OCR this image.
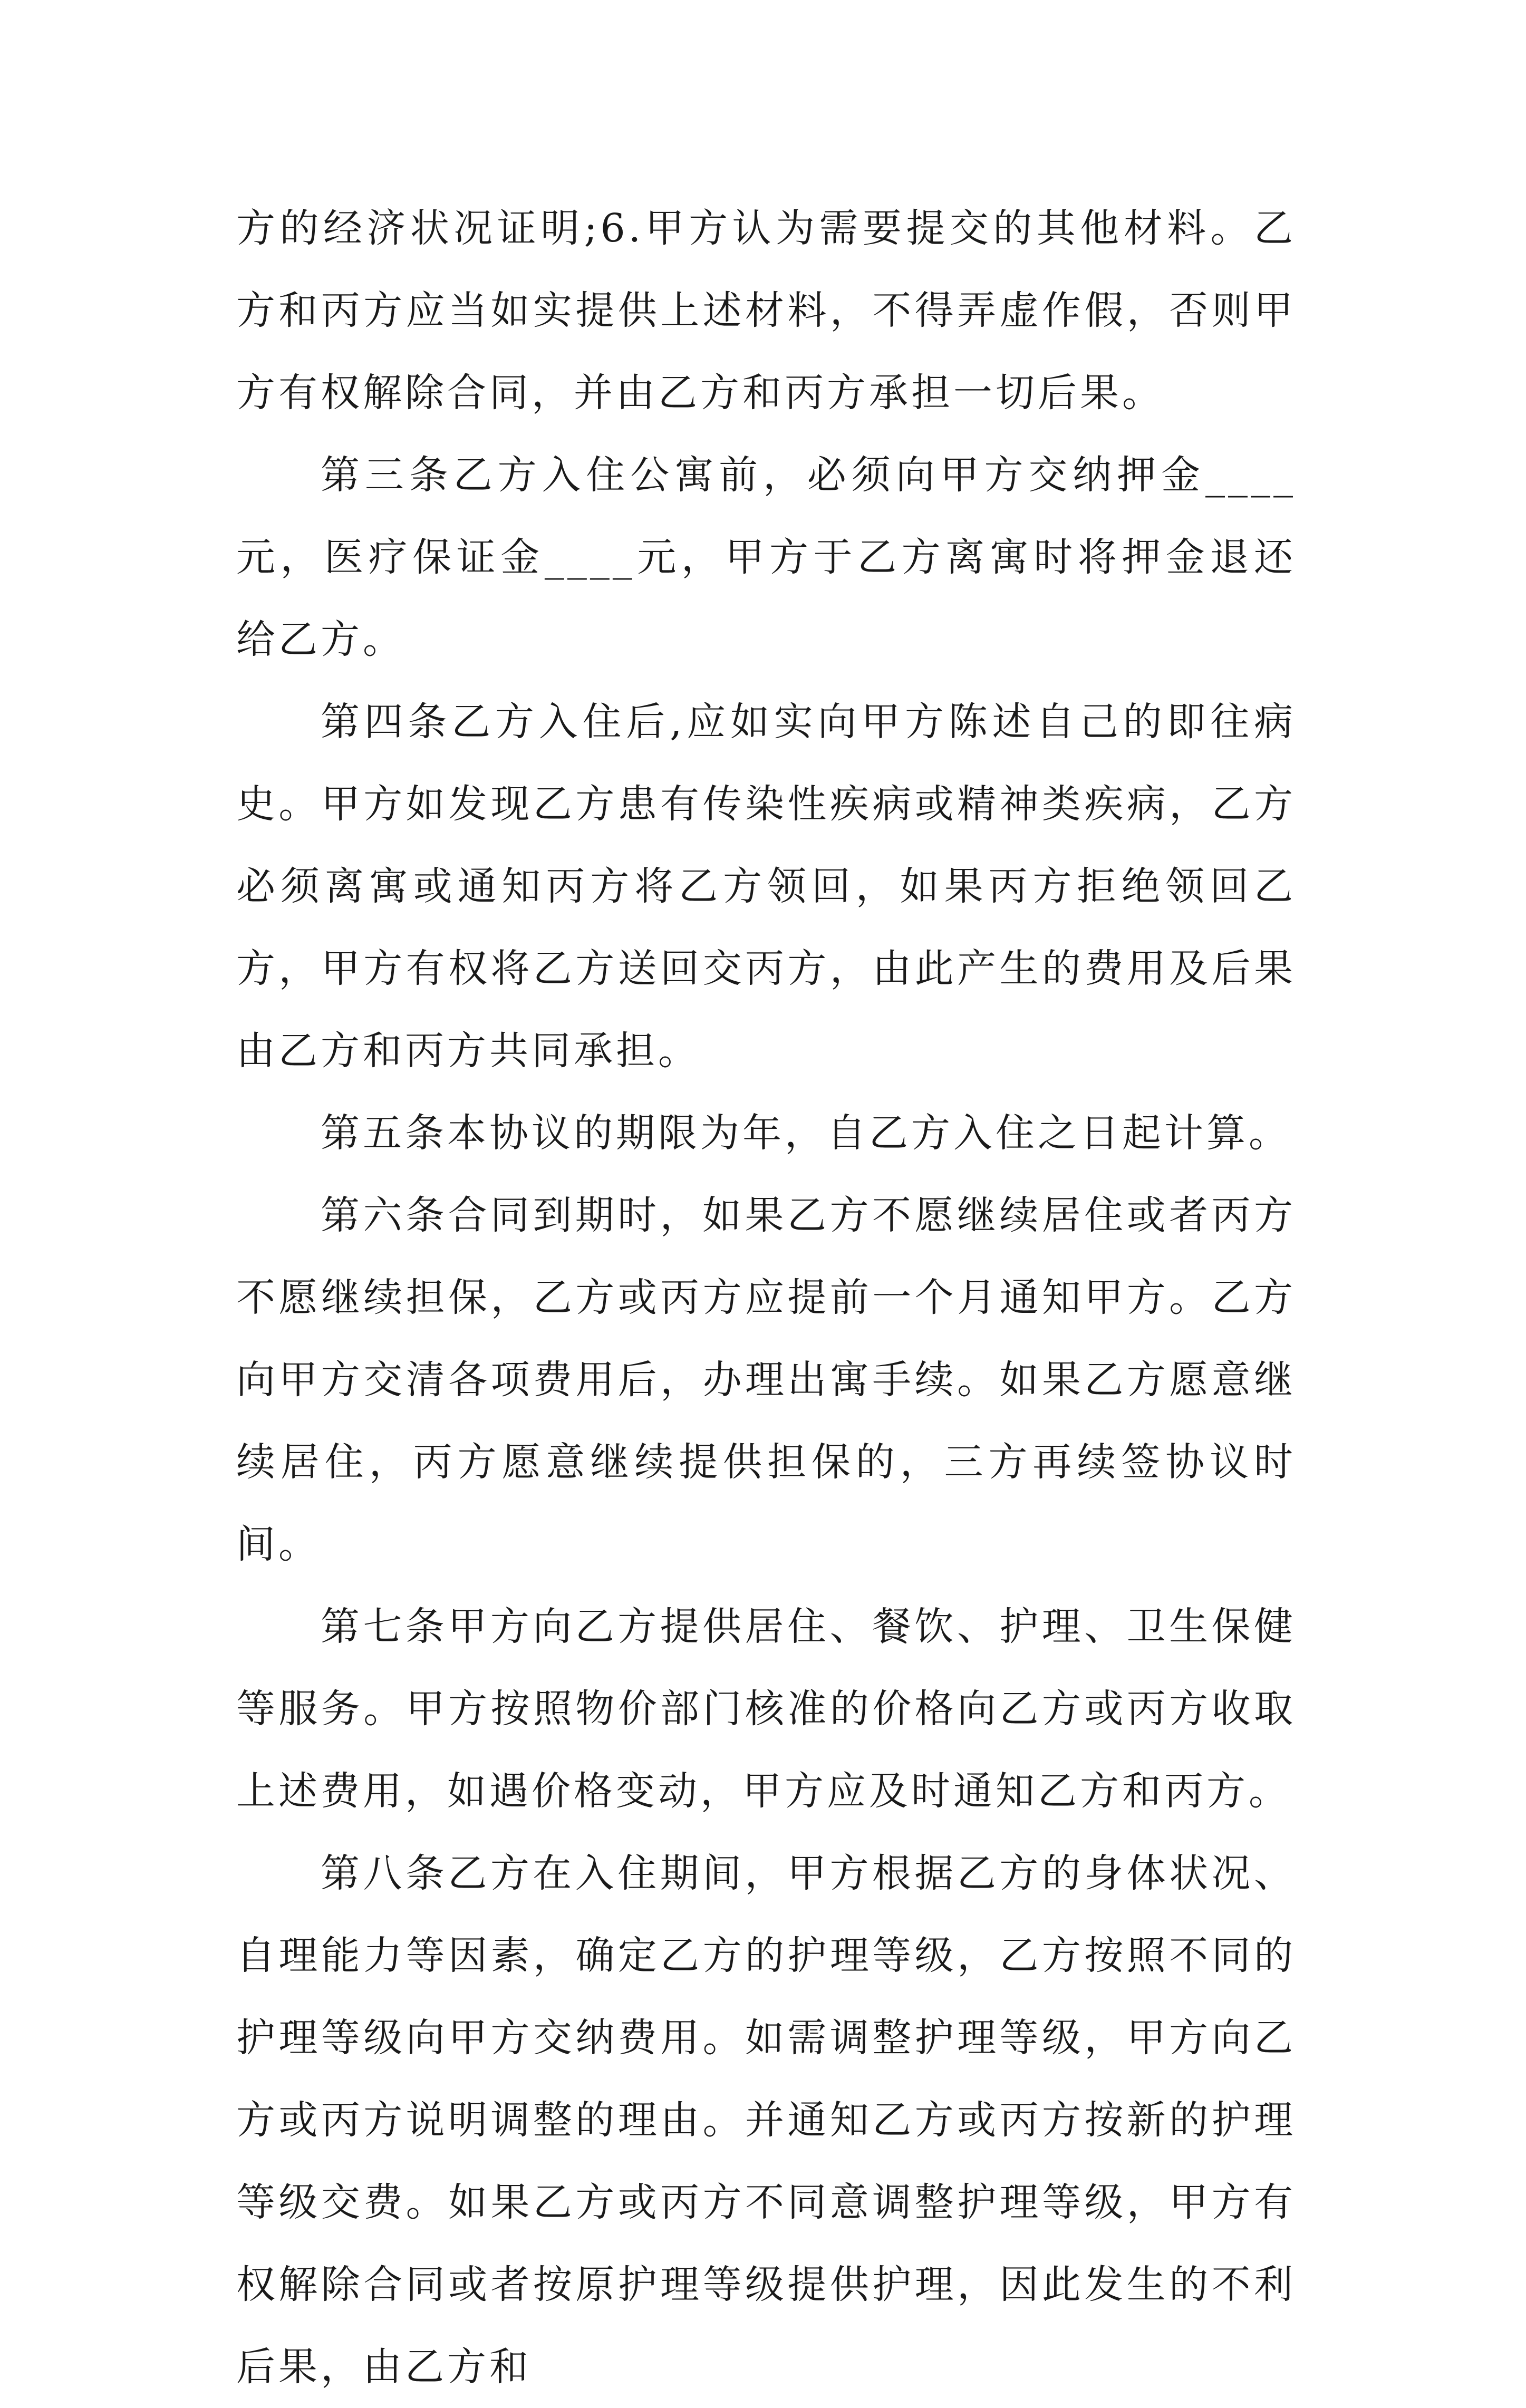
方的经济状况证明;6.甲方认为需要提交的其他材料。乙方和丙方应当如实提供上述材料，不得弄虚作假，否则甲方有权解除合同，并由乙方和丙方承担一切后果。

第三条乙方入住公寓前，必须向甲方交纳押金____元，医疗保证金____元，甲方于乙方离寓时将押金退还给乙方。

第四条乙方入住后,应如实向甲方陈述自己的即往病史。甲方如发现乙方患有传染性疾病或精神类疾病，乙方必须离寓或通知丙方将乙方领回，如果丙方拒绝领回乙方，甲方有权将乙方送回交丙方，由此产生的费用及后果由乙方和丙方共同承担。

第五条本协议的期限为年，自乙方入住之日起计算。

第六条合同到期时，如果乙方不愿继续居住或者丙方不愿继续担保，乙方或丙方应提前一个月通知甲方。乙方向甲方交清各项费用后，办理出寓手续。如果乙方愿意继续居住，丙方愿意继续提供担保的，三方再续签协议时间。

第七条甲方向乙方提供居住、餐饮、护理、卫生保健等服务。甲方按照物价部门核准的价格向乙方或丙方收取上述费用，如遇价格变动，甲方应及时通知乙方和丙方。

第八条乙方在入住期间，甲方根据乙方的身体状况、自理能力等因素，确定乙方的护理等级，乙方按照不同的护理等级向甲方交纳费用。如需调整护理等级，甲方向乙方或丙方说明调整的理由。并通知乙方或丙方按新的护理等级交费。如果乙方或丙方不同意调整护理等级，甲方有权解除合同或者按原护理等级提供护理，因此发生的不利后果，由乙方和
